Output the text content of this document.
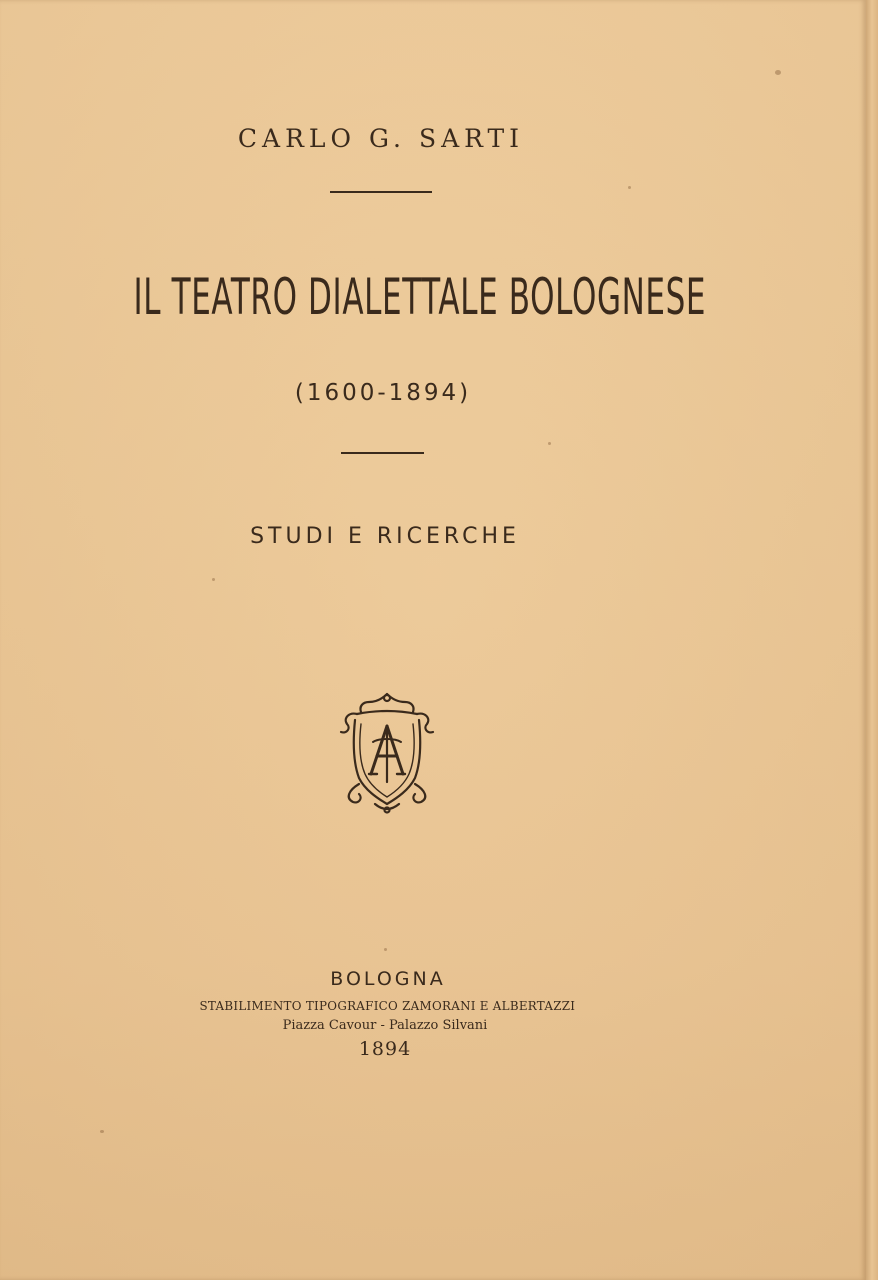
CARLO G. SARTI
IL TEATRO DIALETTALE BOLOGNESE
(1600-1894)
STUDI E RICERCHE
BOLOGNA
STABILIMENTO TIPOGRAFICO ZAMORANI E ALBERTAZZI
Piazza Cavour - Palazzo Silvani
1894
